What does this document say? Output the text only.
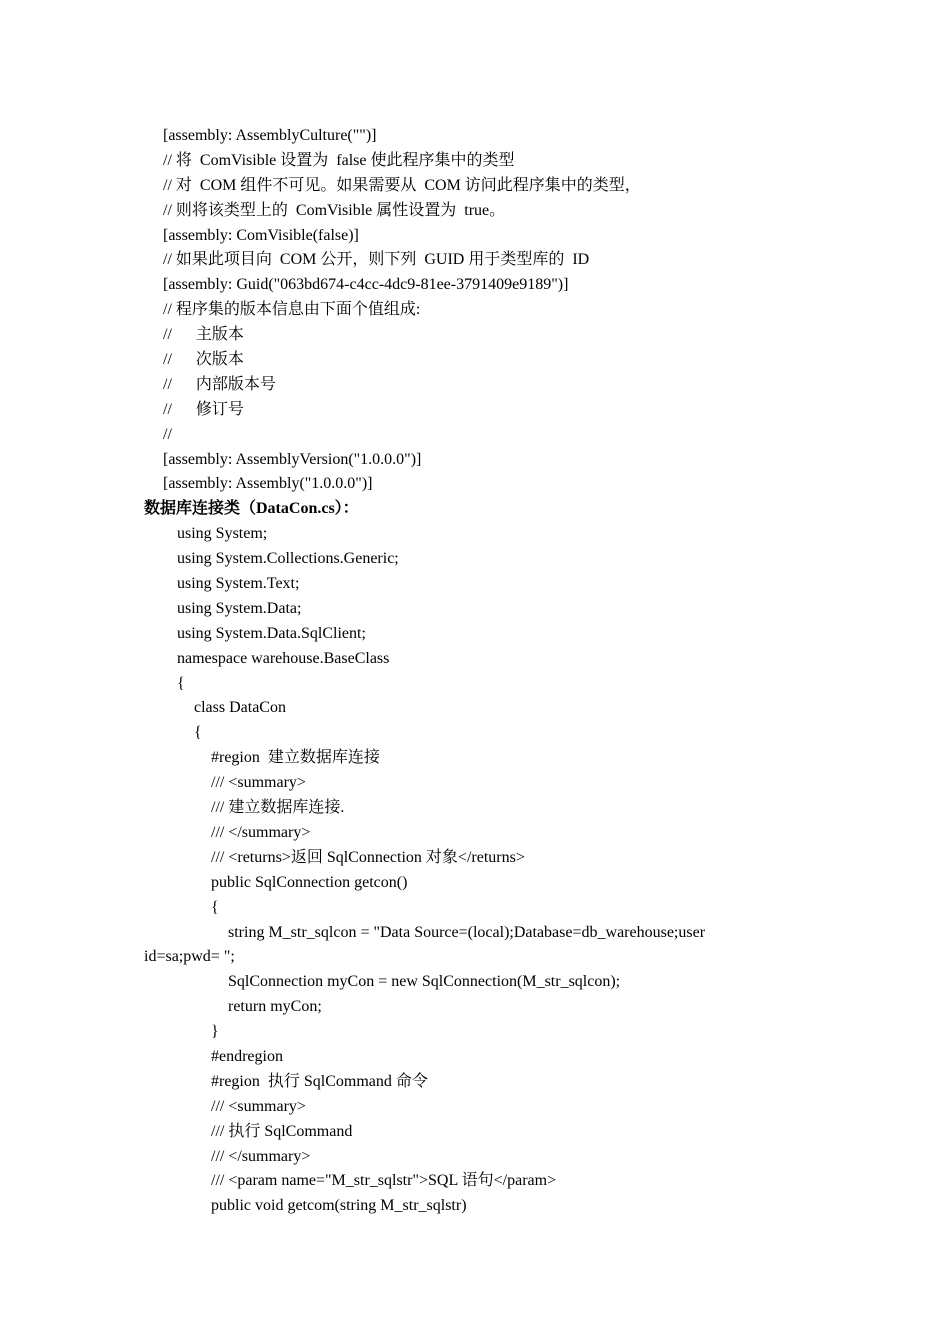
[assembly: AssemblyCulture("")]
// 将  ComVisible 设置为  false 使此程序集中的类型
// 对  COM 组件不可见。如果需要从  COM 访问此程序集中的类型，
// 则将该类型上的  ComVisible 属性设置为  true。
[assembly: ComVisible(false)]
// 如果此项目向  COM 公开，则下列  GUID 用于类型库的  ID
[assembly: Guid("063bd674-c4cc-4dc9-81ee-3791409e9189")]
// 程序集的版本信息由下面个值组成:
//      主版本
//      次版本
//      内部版本号
//      修订号
//
[assembly: AssemblyVersion("1.0.0.0")]
[assembly: Assembly("1.0.0.0")]
数据库连接类（DataCon.cs）：
using System;
using System.Collections.Generic;
using System.Text;
using System.Data;
using System.Data.SqlClient;
namespace warehouse.BaseClass
{
class DataCon
{
#region  建立数据库连接
/// <summary>
/// 建立数据库连接.
/// </summary>
/// <returns>返回 SqlConnection 对象</returns>
public SqlConnection getcon()
{
string M_str_sqlcon = "Data Source=(local);Database=db_warehouse;user
id=sa;pwd= ";
SqlConnection myCon = new SqlConnection(M_str_sqlcon);
return myCon;
}
#endregion
#region  执行 SqlCommand 命令
/// <summary>
/// 执行 SqlCommand
/// </summary>
/// <param name="M_str_sqlstr">SQL 语句</param>
public void getcom(string M_str_sqlstr)
